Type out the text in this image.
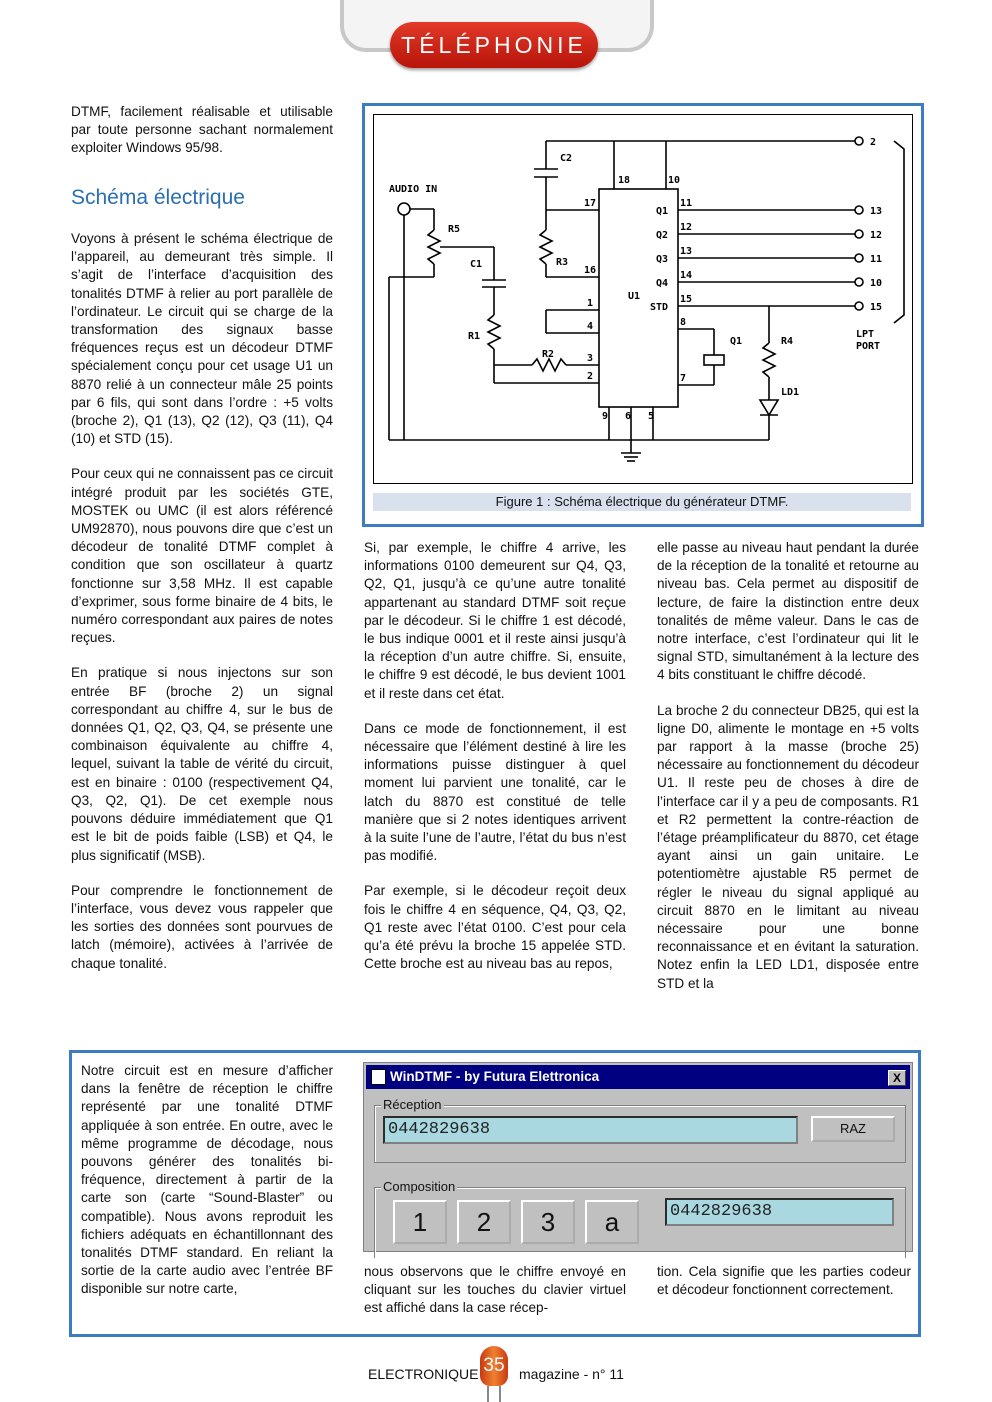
TÉLÉPHONIE

DTMF, facilement réalisable et utilisable par toute personne sachant normalement exploiter Windows 95/98.

Schéma électrique

Voyons à présent le schéma électrique de l’appareil, au demeurant très simple. Il s’agit de l’interface d’acquisition des tonalités DTMF à relier au port parallèle de l’ordinateur. Le circuit qui se charge de la transformation des signaux basse fréquences reçus est un décodeur DTMF spécialement conçu pour cet usage U1 un 8870 relié à un connecteur mâle 25 points par 6 fils, qui sont dans l’ordre : +5 volts (broche 2), Q1 (13), Q2 (12), Q3 (11), Q4 (10) et STD (15).

Pour ceux qui ne connaissent pas ce circuit intégré produit par les sociétés GTE, MOSTEK ou UMC (il est alors référencé UM92870), nous pouvons dire que c’est un décodeur de tonalité DTMF complet à condition que son oscillateur à quartz fonctionne sur 3,58 MHz. Il est capable d’exprimer, sous forme binaire de 4 bits, le numéro correspondant aux paires de notes reçues.

En pratique si nous injectons sur son entrée BF (broche 2) un signal correspondant au chiffre 4, sur le bus de données Q1, Q2, Q3, Q4, se présente une combinaison équivalente au chiffre 4, lequel, suivant la table de vérité du circuit, est en binaire : 0100 (respectivement Q4, Q3, Q2, Q1). De cet exemple nous pouvons déduire immédiatement que Q1 est le bit de poids faible (LSB) et Q4, le plus significatif (MSB).

Pour comprendre le fonctionnement de l’interface, vous devez vous rappeler que les sorties des données sont pourvues de latch (mémoire), activées à l’arrivée de chaque tonalité.

AUDIO IN
LPT
PORT
U1
STD
Q1
Q2
Q3
Q4
C1
C2
R1
R2
R3
R4
R5
Q1
LD1
18	10
17	11
12
13
14
16
15
1
4	8
3
7
2
9 6 5
2
13
12
11
10
15
Figure 1 : Schéma électrique du générateur DTMF.

Si, par exemple, le chiffre 4 arrive, les informations 0100 demeurent sur Q4, Q3, Q2, Q1, jusqu’à ce qu’une autre tonalité appartenant au standard DTMF soit reçue par le décodeur. Si le chiffre 1 est décodé, le bus indique 0001 et il reste ainsi jusqu’à la réception d’un autre chiffre. Si, ensuite, le chiffre 9 est décodé, le bus devient 1001 et il reste dans cet état.

Dans ce mode de fonctionnement, il est nécessaire que l’élément destiné à lire les informations puisse distinguer à quel moment lui parvient une tonalité, car le latch du 8870 est constitué de telle manière que si 2 notes identiques arrivent à la suite l’une de l’autre, l’état du bus n’est pas modifié.

Par exemple, si le décodeur reçoit deux fois le chiffre 4 en séquence, Q4, Q3, Q2, Q1 reste avec l’état 0100. C’est pour cela qu’a été prévu la broche 15 appelée STD. Cette broche est au niveau bas au repos,

elle passe au niveau haut pendant la durée de la réception de la tonalité et retourne au niveau bas. Cela permet au dispositif de lecture, de faire la distinction entre deux tonalités de même valeur. Dans le cas de notre interface, c’est l’ordinateur qui lit le signal STD, simultanément à la lecture des 4 bits constituant le chiffre décodé.

La broche 2 du connecteur DB25, qui est la ligne D0, alimente le montage en +5 volts par rapport à la masse (broche 25) nécessaire au fonctionnement du décodeur U1. Il reste peu de choses à dire de l’interface car il y a peu de composants. R1 et R2 permettent la contre-réaction de l’étage préamplificateur du 8870, cet étage ayant ainsi un gain unitaire. Le potentiomètre ajustable R5 permet de régler le niveau du signal appliqué au circuit 8870 en le limitant au niveau nécessaire pour une bonne reconnaissance et en évitant la saturation. Notez enfin la LED LD1, disposée entre STD et la

Notre circuit est en mesure d’afficher dans la fenêtre de réception le chiffre représenté par une tonalité DTMF appliquée à son entrée. En outre, avec le même programme de décodage, nous pouvons générer des tonalités bi-fréquence, directement à partir de la carte son (carte “Sound-Blaster” ou compatible). Nous avons reproduit les fichiers adéquats en échantillonnant des tonalités DTMF standard. En reliant la sortie de la carte audio avec l’entrée BF disponible sur notre carte,

nous observons que le chiffre envoyé en cliquant sur les touches du clavier virtuel est affiché dans la case récep-

tion. Cela signifie que les parties codeur et décodeur fonctionnent correctement.

WinDTMF - by Futura Elettronica	X
Réception
0442829638	RAZ
Composition
1	2	3	a	0442829638
ELECTRONIQUE 35 magazine - n° 11
